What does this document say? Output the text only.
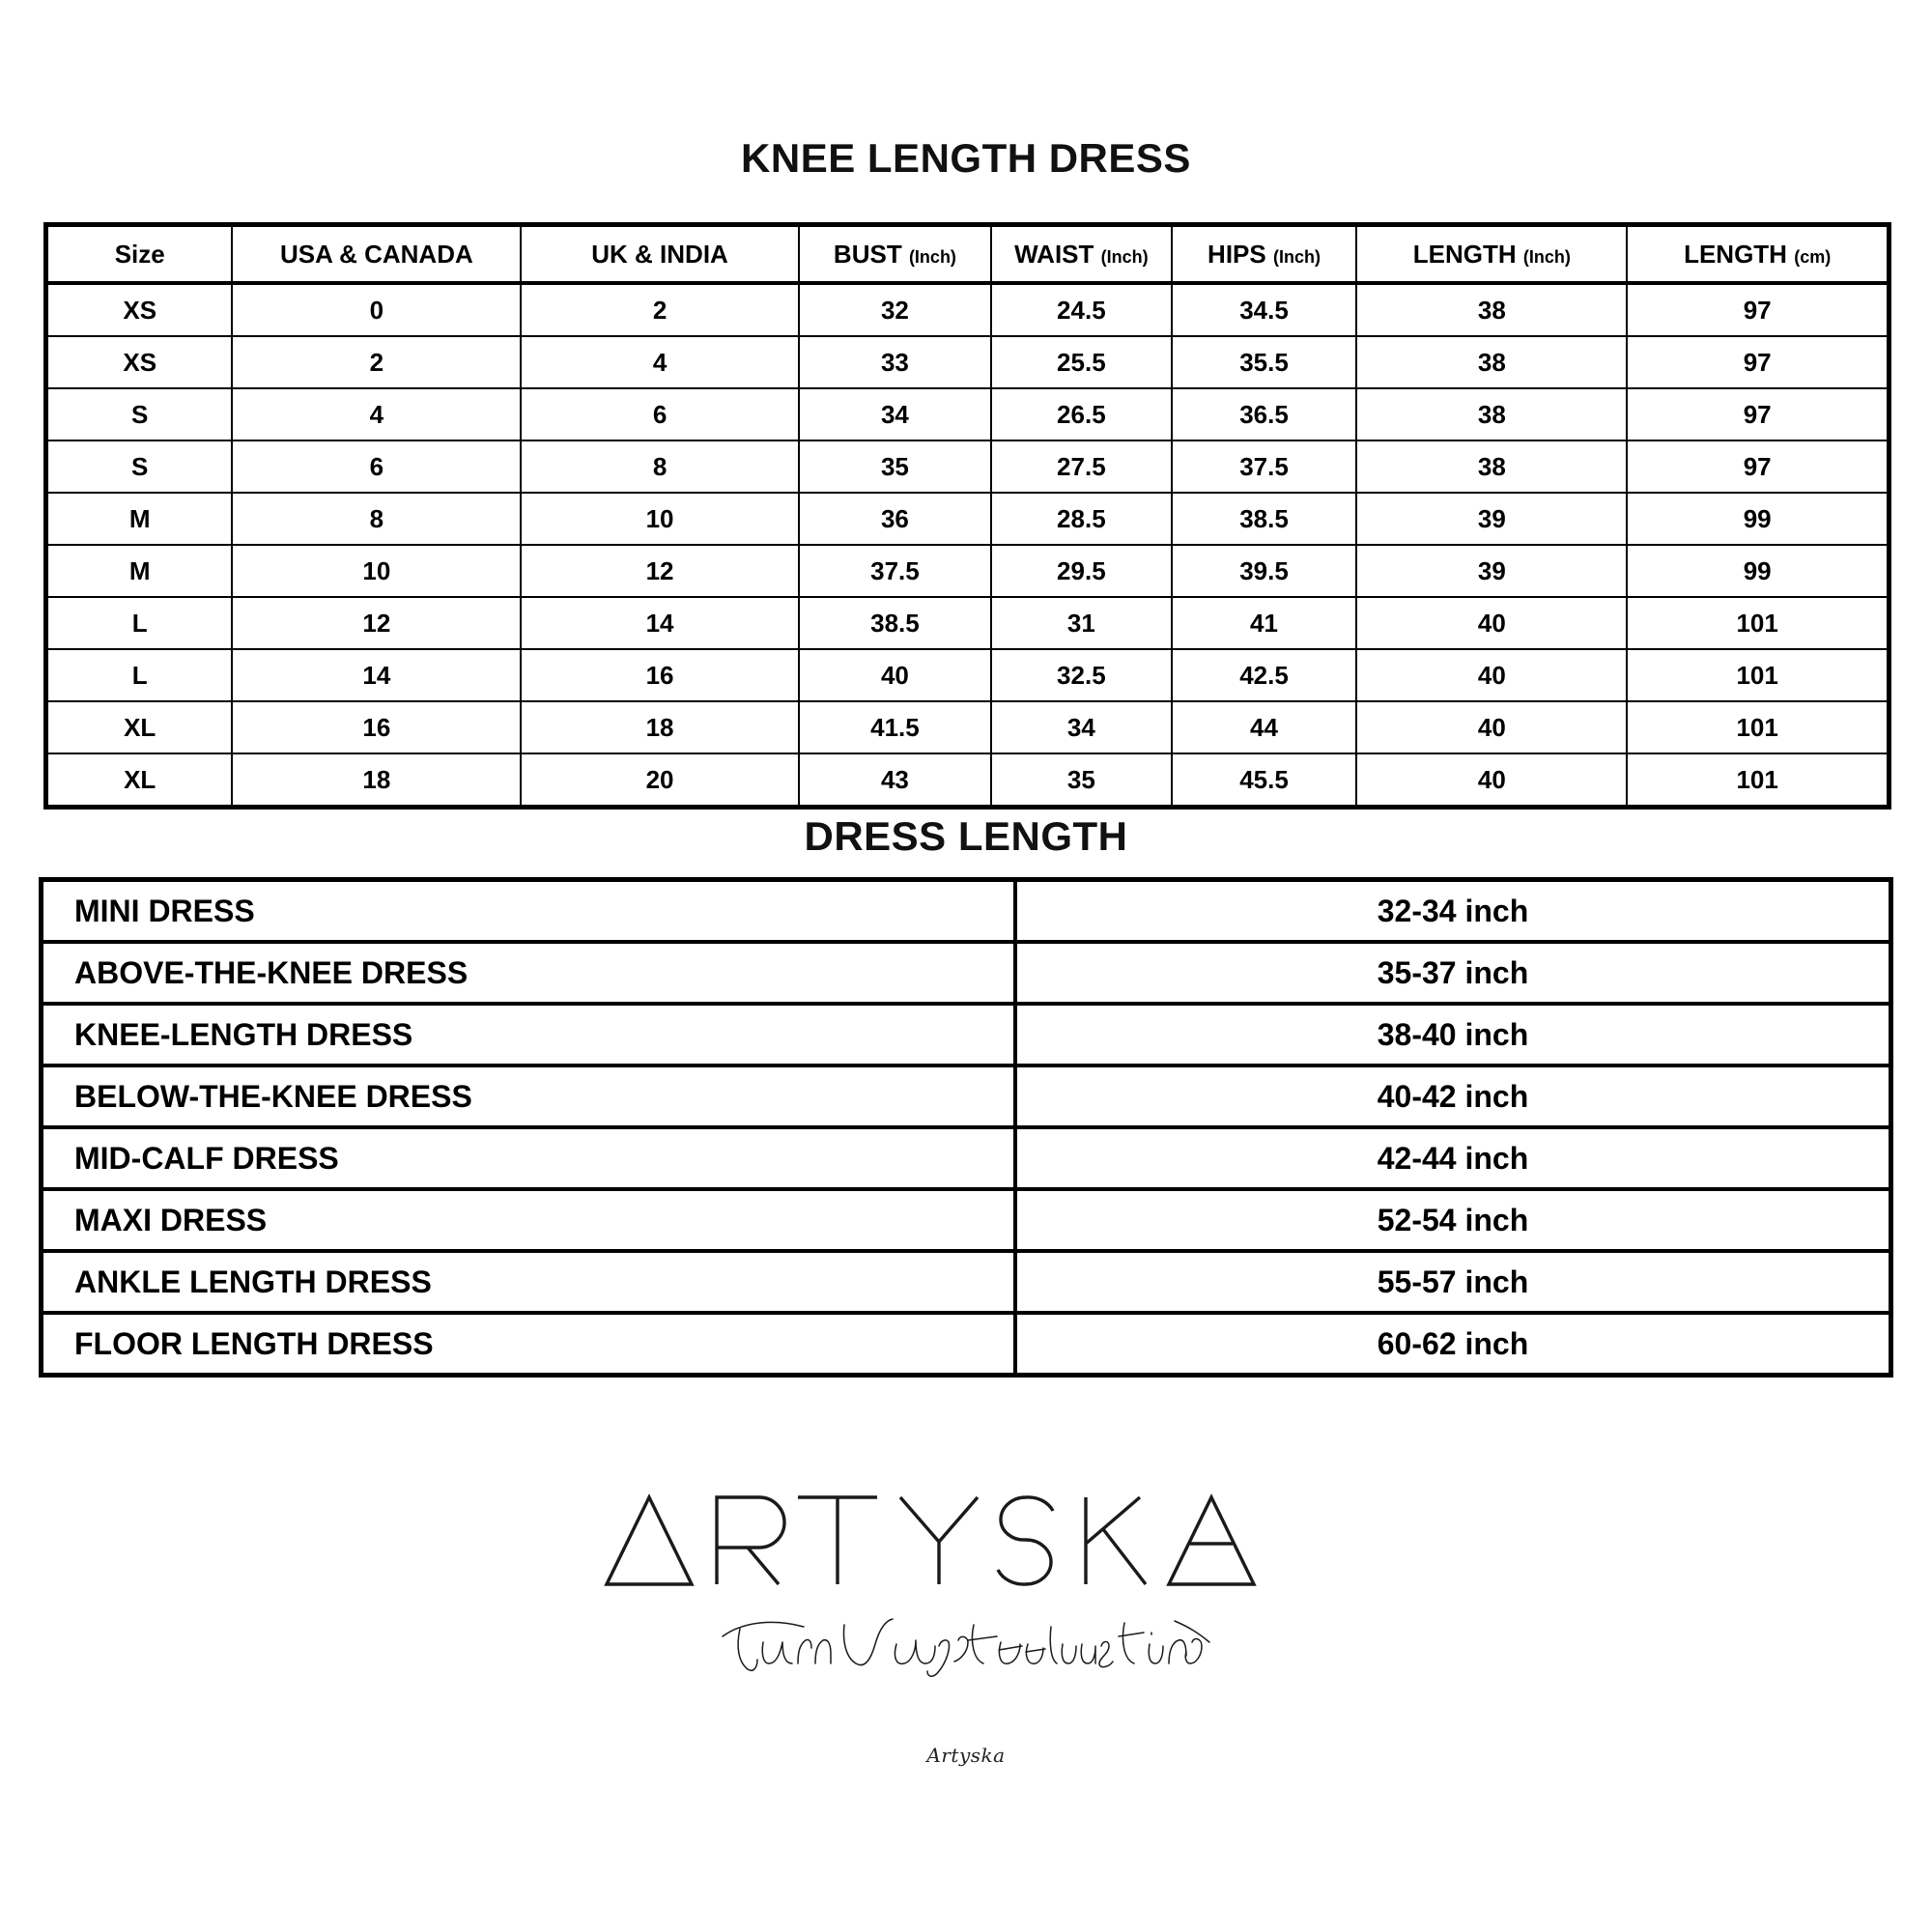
KNEE LENGTH DRESS
Size	USA & CANADA	UK & INDIA	BUST (Inch)	WAIST (Inch)	HIPS (Inch)	LENGTH (Inch)	LENGTH (cm)
XS	0	2	32	24.5	34.5	38	97
XS	2	4	33	25.5	35.5	38	97
S	4	6	34	26.5	36.5	38	97
S	6	8	35	27.5	37.5	38	97
M	8	10	36	28.5	38.5	39	99
M	10	12	37.5	29.5	39.5	39	99
L	12	14	38.5	31	41	40	101
L	14	16	40	32.5	42.5	40	101
XL	16	18	41.5	34	44	40	101
XL	18	20	43	35	45.5	40	101
DRESS LENGTH
MINI DRESS	32-34 inch
ABOVE-THE-KNEE DRESS	35-37 inch
KNEE-LENGTH DRESS	38-40 inch
BELOW-THE-KNEE DRESS	40-42 inch
MID-CALF DRESS	42-44 inch
MAXI DRESS	52-54 inch
ANKLE LENGTH DRESS	55-57 inch
FLOOR LENGTH DRESS	60-62 inch
Artyska
